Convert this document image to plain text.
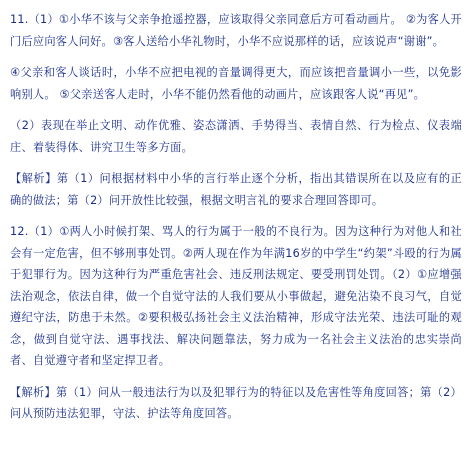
11.（1）①小华不该与父亲争抢遥控器，应该取得父亲同意后方可看动画片。 ②为客人开门后应向客人问好。③客人送给小华礼物时，小华不应说那样的话，应该说声“谢谢”。

④父亲和客人谈话时，小华不应把电视的音量调得更大，而应该把音量调小一些，以免影响别人。 ⑤父亲送客人走时，小华不能仍然看他的动画片，应该跟客人说“再见”。

（2）表现在举止文明、动作优雅、姿态潇洒、手势得当、表情自然、行为检点、仪表端庄、着装得体、讲究卫生等多方面。

【解析】第（1）问根据材料中小华的言行举止逐个分析，指出其错误所在以及应有的正确的做法；第（2）问开放性比较强，根据文明言礼的要求合理回答即可。

12.（1）①两人小时候打架、骂人的行为属于一般的不良行为。因为这种行为对他人和社会有一定危害，但不够刑事处罚。②两人现在作为年满16岁的中学生“约架”斗殴的行为属于犯罪行为。因为这种行为严重危害社会、违反刑法规定、要受刑罚处罚。（2）①应增强法治观念，依法自律，做一个自觉守法的人我们要从小事做起，避免沾染不良习气，自觉遵纪守法，防患于未然。②要积极弘扬社会主义法治精神，形成守法光荣、违法可耻的观念，做到自觉守法、遇事找法、解决问题靠法，努力成为一名社会主义法治的忠实崇尚者、自觉遵守者和坚定捍卫者。

【解析】第（1）问从一般违法行为以及犯罪行为的特征以及危害性等角度回答；第（2）问从预防违法犯罪，守法、护法等角度回答。
